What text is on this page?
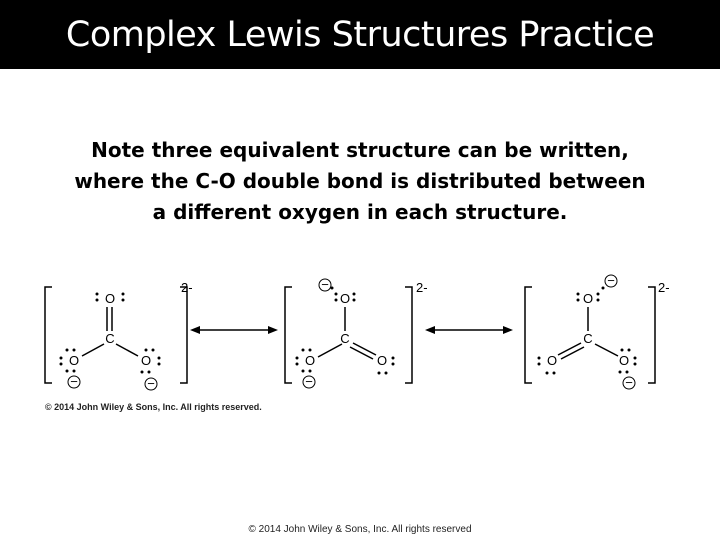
Complex Lewis Structures Practice
Note three equivalent structure can be written,
where the C-O double bond is distributed between
a different oxygen in each structure.
O
C
O	O
O
C
O	O
O
C
O	O
2-	2-	2-
−	−
−
−
−
−
© 2014 John Wiley & Sons, Inc. All rights reserved.
© 2014 John Wiley & Sons, Inc. All rights reserved
